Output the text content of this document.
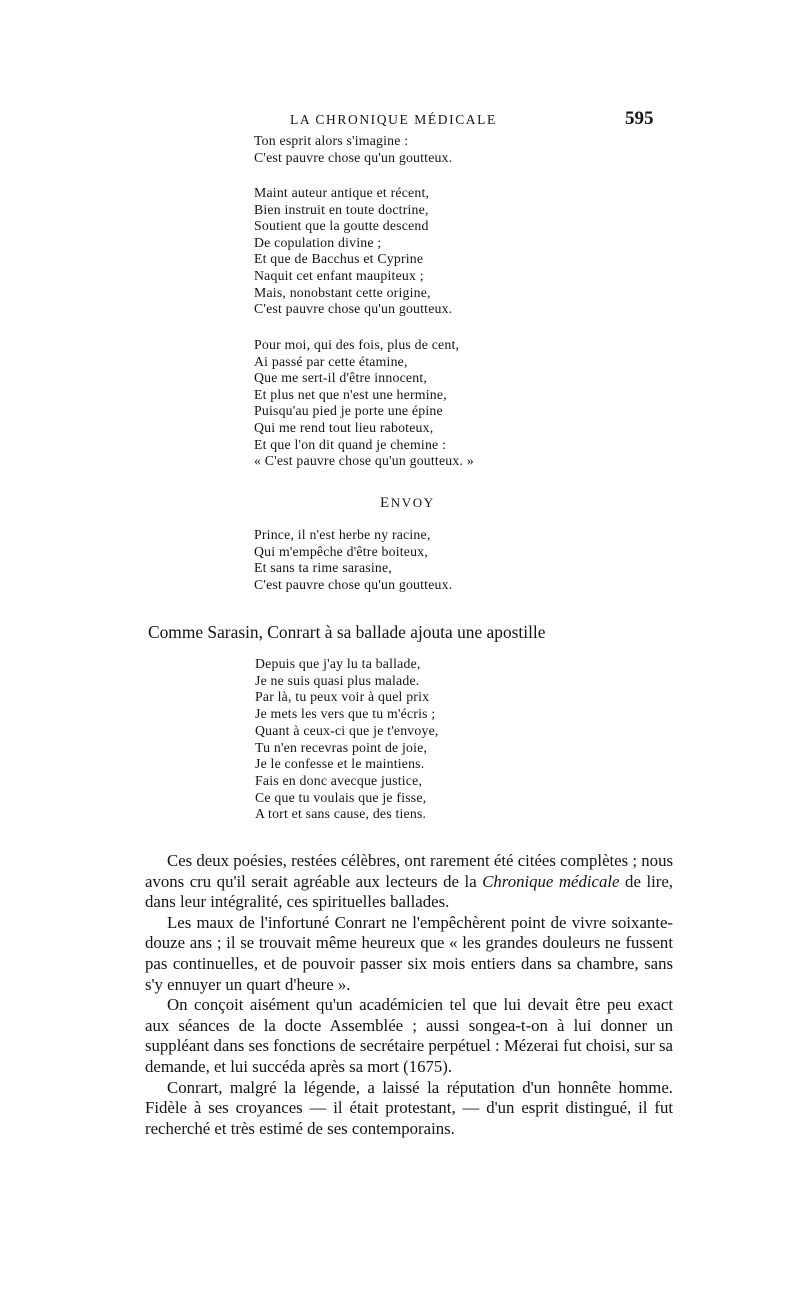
LA CHRONIQUE MÉDICALE	595
Ton esprit alors s'imagine :
C'est pauvre chose qu'un goutteux.
Maint auteur antique et récent,
Bien instruit en toute doctrine,
Soutient que la goutte descend
De copulation divine ;
Et que de Bacchus et Cyprine
Naquit cet enfant maupiteux ;
Mais, nonobstant cette origine,
C'est pauvre chose qu'un goutteux.
Pour moi, qui des fois, plus de cent,
Ai passé par cette étamine,
Que me sert-il d'être innocent,
Et plus net que n'est une hermine,
Puisqu'au pied je porte une épine
Qui me rend tout lieu raboteux,
Et que l'on dit quand je chemine :
« C'est pauvre chose qu'un goutteux. »
ENVOY
Prince, il n'est herbe ny racine,
Qui m'empêche d'être boiteux,
Et sans ta rime sarasine,
C'est pauvre chose qu'un goutteux.
Comme Sarasin, Conrart à sa ballade ajouta une apostille
Depuis que j'ay lu ta ballade,
Je ne suis quasi plus malade.
Par là, tu peux voir à quel prix
Je mets les vers que tu m'écris ;
Quant à ceux-ci que je t'envoye,
Tu n'en recevras point de joie,
Je le confesse et le maintiens.
Fais en donc avecque justice,
Ce que tu voulais que je fisse,
A tort et sans cause, des tiens.

Ces deux poésies, restées célèbres, ont rarement été citées complètes ; nous avons cru qu'il serait agréable aux lecteurs de la Chronique médicale de lire, dans leur intégralité, ces spirituelles ballades.

Les maux de l'infortuné Conrart ne l'empêchèrent point de vivre soixante-douze ans ; il se trouvait même heureux que « les grandes douleurs ne fussent pas continuelles, et de pouvoir passer six mois entiers dans sa chambre, sans s'y ennuyer un quart d'heure ».

On conçoit aisément qu'un académicien tel que lui devait être peu exact aux séances de la docte Assemblée ; aussi songea-t-on à lui donner un suppléant dans ses fonctions de secrétaire perpétuel : Mézerai fut choisi, sur sa demande, et lui succéda après sa mort (1675).

Conrart, malgré la légende, a laissé la réputation d'un honnête homme. Fidèle à ses croyances — il était protestant, — d'un esprit distingué, il fut recherché et très estimé de ses contemporains.
